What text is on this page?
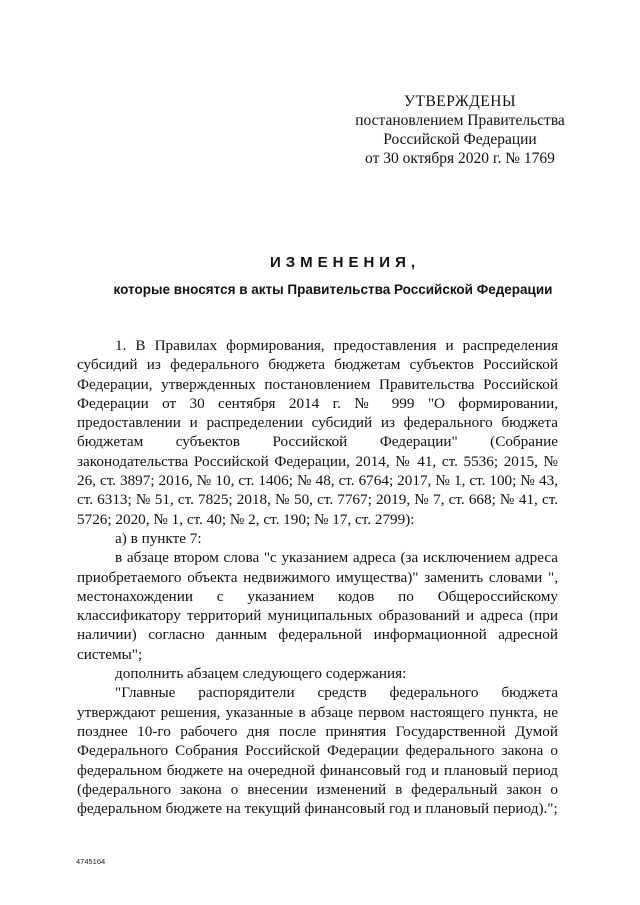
УТВЕРЖДЕНЫ
постановлением Правительства
Российской Федерации
от 30 октября 2020 г. № 1769
ИЗМЕНЕНИЯ,
которые вносятся в акты Правительства Российской Федерации

1. В Правилах формирования, предоставления и распределения субсидий из федерального бюджета бюджетам субъектов Российской Федерации, утвержденных постановлением Правительства Российской Федерации от 30 сентября 2014 г. № 999 "О формировании, предоставлении и распределении субсидий из федерального бюджета бюджетам субъектов Российской Федерации" (Собрание законодательства Российской Федерации, 2014, № 41, ст. 5536; 2015, № 26, ст. 3897; 2016, № 10, ст. 1406; № 48, ст. 6764; 2017, № 1, ст. 100; № 43, ст. 6313; № 51, ст. 7825; 2018, № 50, ст. 7767; 2019, № 7, ст. 668; № 41, ст. 5726; 2020, № 1, ст. 40; № 2, ст. 190; № 17, ст. 2799):

а) в пункте 7:

в абзаце втором слова "с указанием адреса (за исключением адреса приобретаемого объекта недвижимого имущества)" заменить словами ", местонахождении с указанием кодов по Общероссийскому классификатору территорий муниципальных образований и адреса (при наличии) согласно данным федеральной информационной адресной системы";

дополнить абзацем следующего содержания:

"Главные распорядители средств федерального бюджета утверждают решения, указанные в абзаце первом настоящего пункта, не позднее 10-го рабочего дня после принятия Государственной Думой Федерального Собрания Российской Федерации федерального закона о федеральном бюджете на очередной финансовый год и плановый период (федерального закона о внесении изменений в федеральный закон о федеральном бюджете на текущий финансовый год и плановый период).";

4745164
